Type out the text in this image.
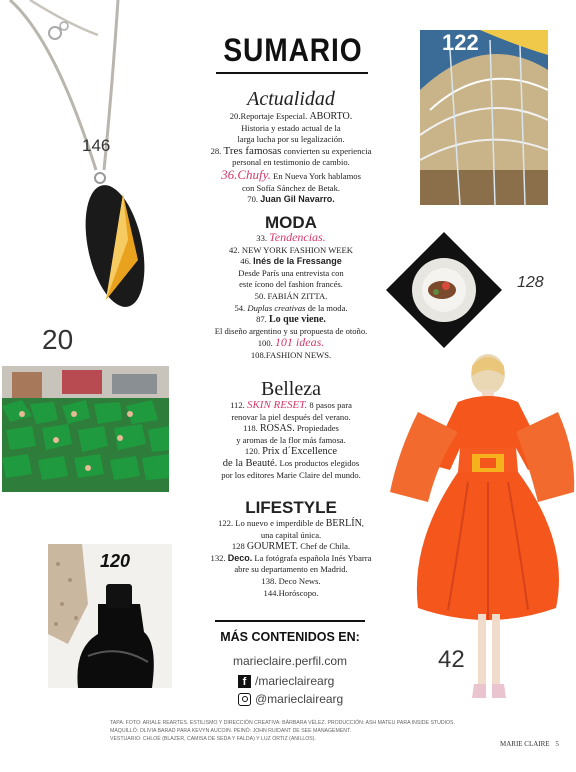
146
122
128
20
120
42
SUMARIO
Actualidad
20.Reportaje Especial. ABORTO.
Historia y estado actual de la
larga lucha por su legalización.
28. Tres famosas convierten su experiencia
personal en testimonio de cambio.
36.Chufy. En Nueva York hablamos
con Sofía Sánchez de Betak.
70. Juan Gil Navarro.
MODA
33. Tendencias.
42. NEW YORK FASHION WEEK
46. Inés de la Fressange
Desde París una entrevista con
este ícono del fashion francés.
50. FABIÁN ZITTA.
54. Duplas creativas de la moda.
87. Lo que viene.
El diseño argentino y su propuesta de otoño.
100. 101 ideas.
108.FASHION NEWS.
Belleza
112. SKIN RESET. 8 pasos para
renovar la piel después del verano.
118. ROSAS. Propiedades
y aromas de la flor más famosa.
120. Prix d´Excellence
de la Beauté. Los productos elegidos
por los editores Marie Claire del mundo.
LIFESTYLE
122. Lo nuevo e imperdible de BERLÍN,
una capital única.
128 GOURMET. Chef de Chila.
132. Deco. La fotógrafa española Inés Ybarra
abre su departamento en Madrid.
138. Deco News.
144.Horóscopo.
MÁS CONTENIDOS EN:
marieclaire.perfil.com
f /marieclairearg
@marieclairearg
TAPA: FOTO: ARIALE REARTES. ESTILISMO Y DIRECCIÓN CREATIVA: BÁRBARA VÉLEZ. PRODUCCIÓN: ASH MATEU PARA INSIDE STUDIOS.
MAQUILLÓ: OLIVIA BARAD PARA KEVYN AUCOIN. PEINÓ: JOHN RUIDANT DE SEE MANAGEMENT.
VESTUARIO: CHLOÉ (BLAZER, CAMISA DE SEDA Y FALDA) Y LUZ ORTIZ (ANILLOS).
MARIE CLAIRE 5
